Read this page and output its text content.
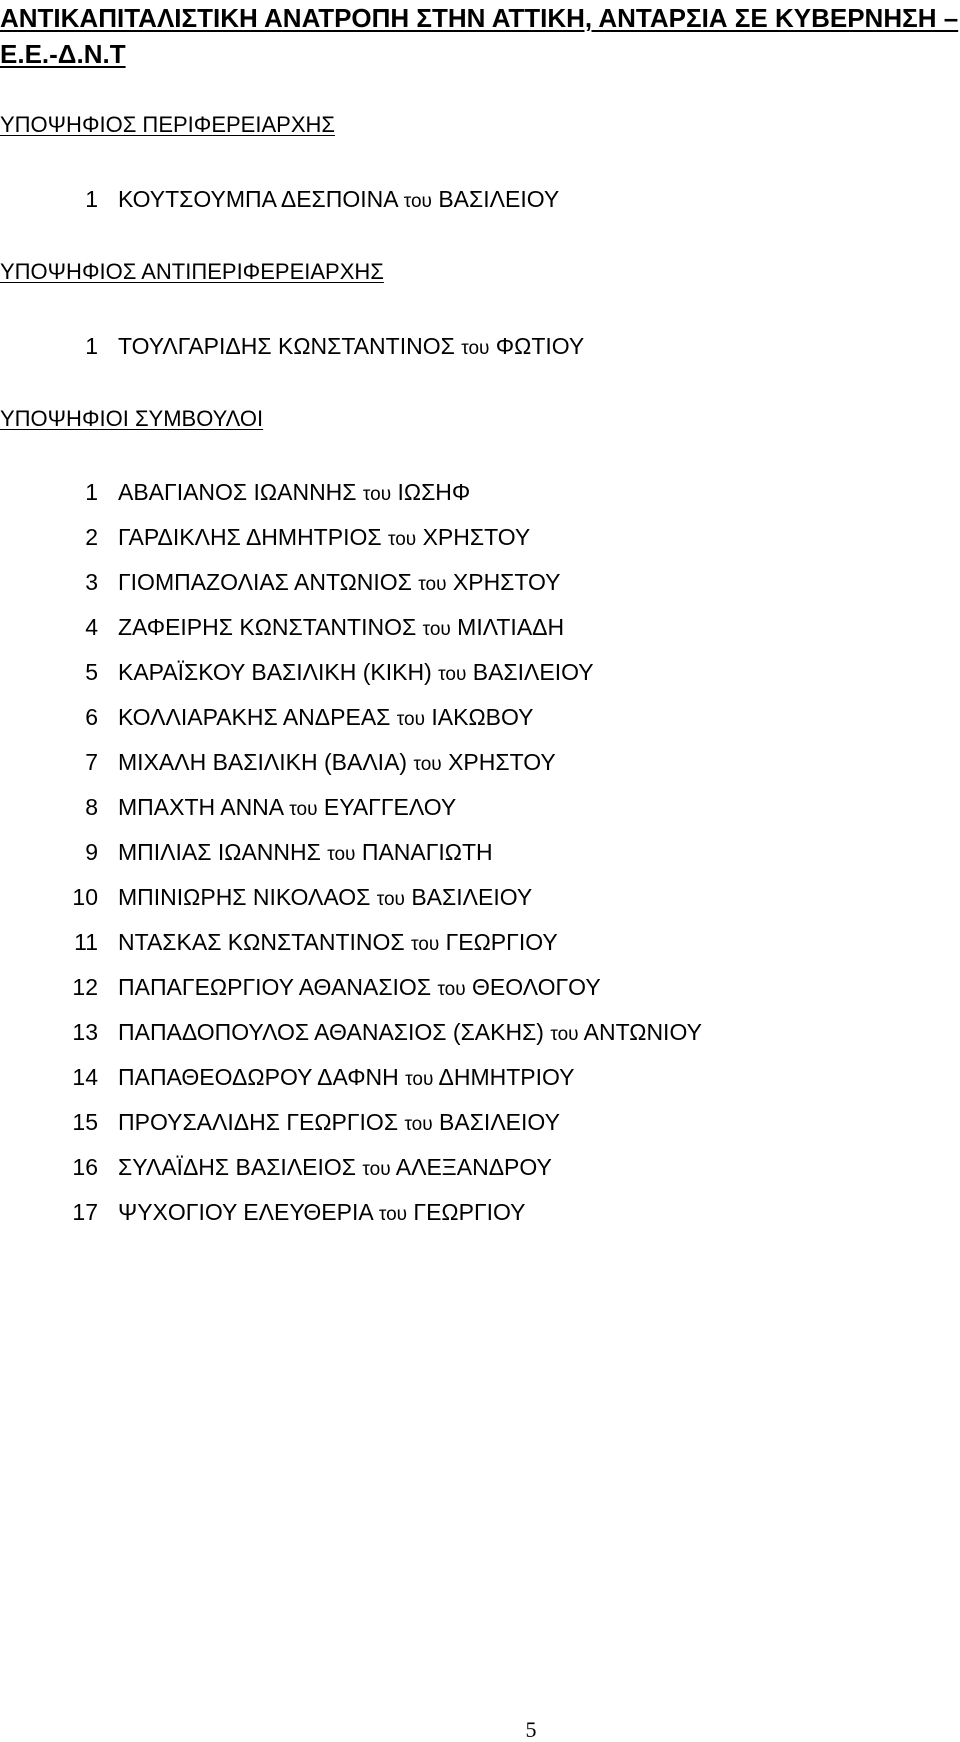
ΑΝΤΙΚΑΠΙΤΑΛΙΣΤΙΚΗ ΑΝΑΤΡΟΠΗ ΣΤΗΝ ΑΤΤΙΚΗ, ΑΝΤΑΡΣΙΑ ΣΕ ΚΥΒΕΡΝΗΣΗ –Ε.Ε.-Δ.Ν.Τ
ΥΠΟΨΗΦΙΟΣ ΠΕΡΙΦΕΡΕΙΑΡΧΗΣ
1 ΚΟΥΤΣΟΥΜΠΑ ΔΕΣΠΟΙΝΑ του ΒΑΣΙΛΕΙΟΥ
ΥΠΟΨΗΦΙΟΣ ΑΝΤΙΠΕΡΙΦΕΡΕΙΑΡΧΗΣ
1 ΤΟΥΛΓΑΡΙΔΗΣ ΚΩΝΣΤΑΝΤΙΝΟΣ του ΦΩΤΙΟΥ
ΥΠΟΨΗΦΙΟΙ ΣΥΜΒΟΥΛΟΙ
1 ΑΒΑΓΙΑΝΟΣ ΙΩΑΝΝΗΣ του ΙΩΣΗΦ
2 ΓΑΡΔΙΚΛΗΣ ΔΗΜΗΤΡΙΟΣ του ΧΡΗΣΤΟΥ
3 ΓΙΟΜΠΑΖΟΛΙΑΣ ΑΝΤΩΝΙΟΣ του ΧΡΗΣΤΟΥ
4 ΖΑΦΕΙΡΗΣ ΚΩΝΣΤΑΝΤΙΝΟΣ του ΜΙΛΤΙΑΔΗ
5 ΚΑΡΑΪΣΚΟΥ ΒΑΣΙΛΙΚΗ (ΚΙΚΗ) του ΒΑΣΙΛΕΙΟΥ
6 ΚΟΛΛΙΑΡΑΚΗΣ ΑΝΔΡΕΑΣ του ΙΑΚΩΒΟΥ
7 ΜΙΧΑΛΗ ΒΑΣΙΛΙΚΗ (ΒΑΛΙΑ) του ΧΡΗΣΤΟΥ
8 ΜΠΑΧΤΗ ΑΝΝΑ του ΕΥΑΓΓΕΛΟΥ
9 ΜΠΙΛΙΑΣ ΙΩΑΝΝΗΣ του ΠΑΝΑΓΙΩΤΗ
10 ΜΠΙΝΙΩΡΗΣ ΝΙΚΟΛΑΟΣ του ΒΑΣΙΛΕΙΟΥ
11 ΝΤΑΣΚΑΣ ΚΩΝΣΤΑΝΤΙΝΟΣ του ΓΕΩΡΓΙΟΥ
12 ΠΑΠΑΓΕΩΡΓΙΟΥ ΑΘΑΝΑΣΙΟΣ του ΘΕΟΛΟΓΟΥ
13 ΠΑΠΑΔΟΠΟΥΛΟΣ ΑΘΑΝΑΣΙΟΣ (ΣΑΚΗΣ) του ΑΝΤΩΝΙΟΥ
14 ΠΑΠΑΘΕΟΔΩΡΟΥ ΔΑΦΝΗ του ΔΗΜΗΤΡΙΟΥ
15 ΠΡΟΥΣΑΛΙΔΗΣ ΓΕΩΡΓΙΟΣ του ΒΑΣΙΛΕΙΟΥ
16 ΣΥΛΑΪΔΗΣ ΒΑΣΙΛΕΙΟΣ του ΑΛΕΞΑΝΔΡΟΥ
17 ΨΥΧΟΓΙΟΥ ΕΛΕΥΘΕΡΙΑ του ΓΕΩΡΓΙΟΥ
5
